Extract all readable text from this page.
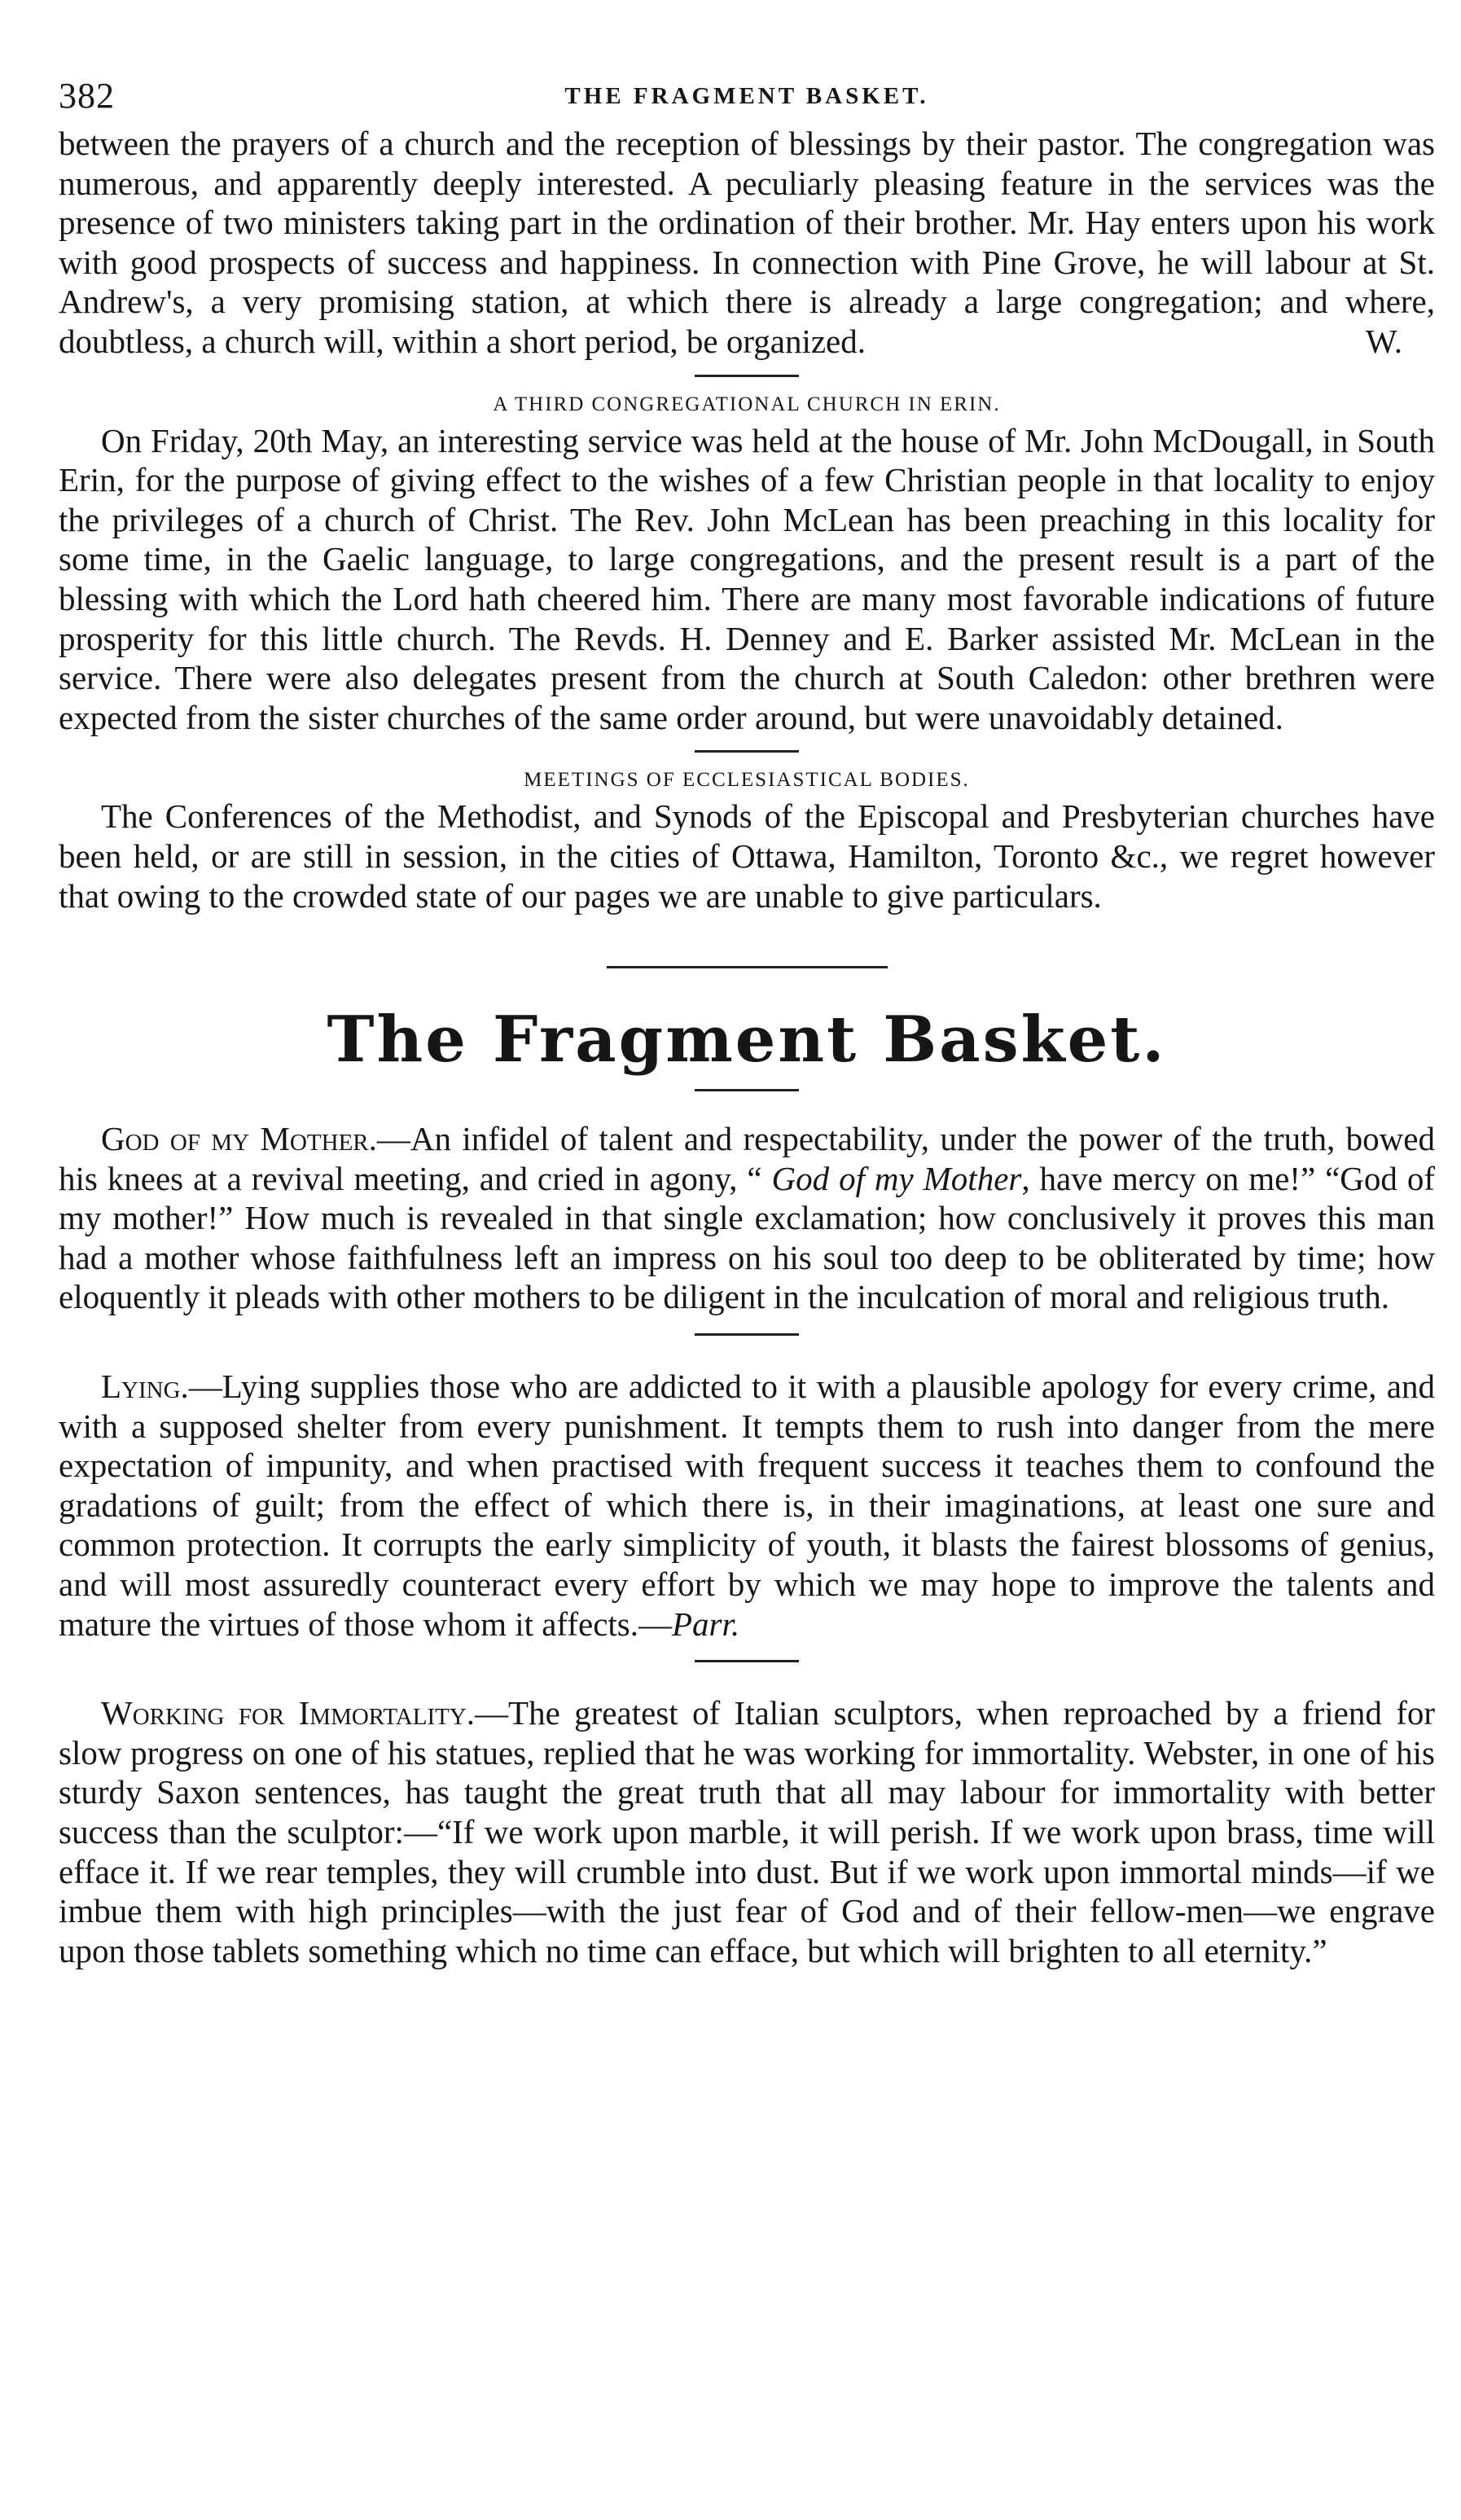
382	THE FRAGMENT BASKET.

between the prayers of a church and the reception of blessings by their pastor. The congregation was numerous, and apparently deeply interested. A peculiarly pleasing feature in the services was the presence of two ministers taking part in the ordination of their brother. Mr. Hay enters upon his work with good prospects of success and happiness. In connection with Pine Grove, he will labour at St. Andrew's, a very promising station, at which there is already a large congregation; and where, doubtless, a church will, within a short period, be organized.	W.

A THIRD CONGREGATIONAL CHURCH IN ERIN.

On Friday, 20th May, an interesting service was held at the house of Mr. John McDougall, in South Erin, for the purpose of giving effect to the wishes of a few Christian people in that locality to enjoy the privileges of a church of Christ. The Rev. John McLean has been preaching in this locality for some time, in the Gaelic language, to large congregations, and the present result is a part of the blessing with which the Lord hath cheered him. There are many most favorable indications of future prosperity for this little church. The Revds. H. Denney and E. Barker assisted Mr. McLean in the service. There were also delegates present from the church at South Caledon: other brethren were expected from the sister churches of the same order around, but were unavoidably detained.

MEETINGS OF ECCLESIASTICAL BODIES.

The Conferences of the Methodist, and Synods of the Episcopal and Presbyterian churches have been held, or are still in session, in the cities of Ottawa, Hamilton, Toronto &c., we regret however that owing to the crowded state of our pages we are unable to give particulars.

The Fragment Basket.

God of my Mother.—An infidel of talent and respectability, under the power of the truth, bowed his knees at a revival meeting, and cried in agony, “ God of my Mother, have mercy on me!” “God of my mother!” How much is revealed in that single exclamation; how conclusively it proves this man had a mother whose faithfulness left an impress on his soul too deep to be obliterated by time; how eloquently it pleads with other mothers to be diligent in the inculcation of moral and religious truth.

Lying.—Lying supplies those who are addicted to it with a plausible apology for every crime, and with a supposed shelter from every punishment. It tempts them to rush into danger from the mere expectation of impunity, and when practised with frequent success it teaches them to confound the gradations of guilt; from the effect of which there is, in their imaginations, at least one sure and common protection. It corrupts the early simplicity of youth, it blasts the fairest blossoms of genius, and will most assuredly counteract every effort by which we may hope to improve the talents and mature the virtues of those whom it affects.—Parr.

Working for Immortality.—The greatest of Italian sculptors, when reproached by a friend for slow progress on one of his statues, replied that he was working for immortality. Webster, in one of his sturdy Saxon sentences, has taught the great truth that all may labour for immortality with better success than the sculptor:—“If we work upon marble, it will perish. If we work upon brass, time will efface it. If we rear temples, they will crumble into dust. But if we work upon immortal minds—if we imbue them with high principles—with the just fear of God and of their fellow-men—we engrave upon those tablets something which no time can efface, but which will brighten to all eternity.”
